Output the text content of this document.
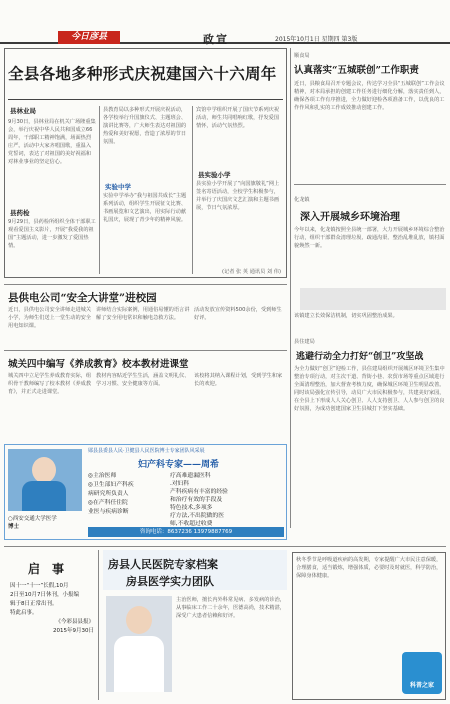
今日彦县	政宣	2015年10月1日 星期四 第3版
全县各地多种形式庆祝建国六十六周年
县林业局
9月30日，县林业局在机关广场隆重集会，举行庆祝中华人民共和国成立66周年，干部职工精神饱满，场面热烈庄严。活动中大家齐唱国歌，重温入党誓词，表达了对祖国的美好祝福和对林业事业的坚定信心。
县药检
9月29日，县药检所组织全体干部职工观看爱国主义影片，开展“我爱我的祖国”主题活动，进一步激发了爱国热情。
县教育局以多种形式开展庆祝活动，各学校举行升国旗仪式、主题班会、演讲比赛等，广大师生表达对祖国的热爱和美好祝愿，营造了浓厚的节日氛围。
实验中学
实验中学举办“我与祖国共成长”主题系列活动，组织学生开展征文比赛、书画展览和文艺演出，用实际行动献礼国庆，展现了青少年的精神风貌。
宾馆中学组织开展了国庆节系列庆祝活动，师生共同唱响红歌，抒发爱国情怀，活动气氛热烈。
县实验小学
县实验小学开展了“向国旗敬礼”网上签名寄语活动，全校学生积极参与，并举行了庆国庆文艺汇演和主题书画展，节日气氛浓厚。
(记者 张 英 通讯员 刘 伟)
顺食局
认真落实“五城联创”工作职责
近日，县粮食局召开专题会议，传达学习全县“五城联创”工作会议精神，对本局承担的创建工作任务进行细化分解，落实责任到人，确保各项工作有序推进，全力做好迎检各项准备工作，以优良的工作作风和扎实的工作成效推动创建工作。
化龙镇
深入开展城乡环境治理
今年以来，化龙镇按照全县统一部署，大力开展城乡环境综合整治行动，组织干部群众清理垃圾、疏通沟渠、整治乱堆乱放，镇村面貌焕然一新。
该镇建立长效保洁机制，切实巩固整治成果。
县住建局
逃避行动全力打好“创卫”攻坚战
为全力做好“创卫”迎检工作，县住建局组织开展城区环境卫生集中整治专项行动，对主次干道、背街小巷、农贸市场等重点区域进行全面清理整治，加大督查考核力度，确保城区环境卫生明显改善。同时该局强化宣传引导，动员广大市民积极参与，共建美好家园，在全县上下形成人人关心创卫、人人支持创卫、人人参与创卫的良好氛围，为成功创建国家卫生县城打下坚实基础。
县供电公司“安全大讲堂”进校园
近日，县供电公司安全讲师走进城关小学，为师生们送上一堂生动的安全用电知识课。
讲师结合实际案例，用通俗易懂的语言讲解了安全用电常识和触电急救方法。
活动发放宣传资料500余份，受到师生好评。
城关四中编写《养成教育》校本教材进课堂
城关四中立足学生养成教育实际，组织骨干教师编写了校本教材《养成教育》，并正式走进课堂。
教材内容贴近学生生活，涵盖文明礼仪、学习习惯、安全健康等方面。
该校将其纳入课程计划，受到学生和家长的欢迎。
○西安交通大学医学
博士
郧县县委县人民·卫健县人民医院博士专家团队风采展
妇产科专家——周希
◎主治医师
◎卫生部妇产科疾
病研究所负责人
◎在产科任住院
业医与疾病诊断
疗高难遗漏医科
.对妇科
产科疾病有丰富的经验
和治疗有效的手段及
特色技术,多项多
疗方法,不出院做的医
师,不收超过收费
咨询电话：8637236 13979887769
启　事
因十一“十一”长假,10月
2日至10月7日休刊，小报编
辑于8日正常出刊。
特此启事。
《今彩县县报》
2015年9月30日
房县人民医院专家档案
房县医学实力团队
主治医师，擅长内外科常见病、多发病的诊治，从事临床工作二十余年，医德高尚，技术精湛，深受广大患者信赖和好评。
秋冬季节是呼吸道疾病的高发期，专家提醒广大市民注意保暖，合理膳食，适当锻炼，增强体质，必要时及时就医，科学防治，保障身体健康。
科普之家
